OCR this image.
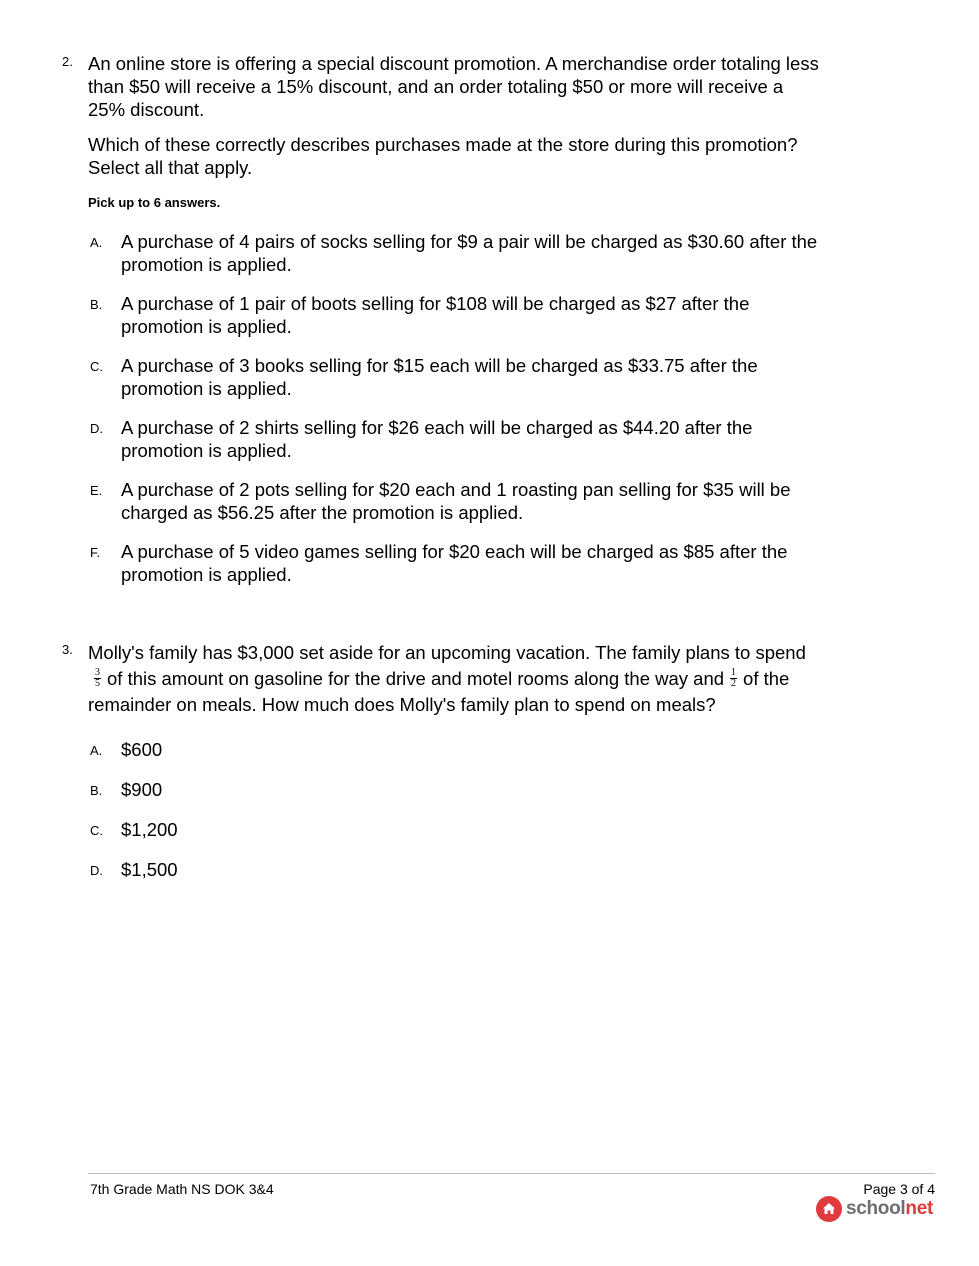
2. An online store is offering a special discount promotion. A merchandise order totaling less than $50 will receive a 15% discount, and an order totaling $50 or more will receive a 25% discount.

Which of these correctly describes purchases made at the store during this promotion? Select all that apply.

Pick up to 6 answers.
A. A purchase of 4 pairs of socks selling for $9 a pair will be charged as $30.60 after the promotion is applied.
B. A purchase of 1 pair of boots selling for $108 will be charged as $27 after the promotion is applied.
C. A purchase of 3 books selling for $15 each will be charged as $33.75 after the promotion is applied.
D. A purchase of 2 shirts selling for $26 each will be charged as $44.20 after the promotion is applied.
E. A purchase of 2 pots selling for $20 each and 1 roasting pan selling for $35 will be charged as $56.25 after the promotion is applied.
F. A purchase of 5 video games selling for $20 each will be charged as $85 after the promotion is applied.
3. Molly's family has $3,000 set aside for an upcoming vacation. The family plans to spend

$\frac{3}{5}$ of this amount on gasoline for the drive and motel rooms along the way and $\frac{1}{2}$ of the remainder on meals. How much does Molly's family plan to spend on meals?

A. $600
B. $900
C. $1,200
D. $1,500
7th Grade Math NS DOK 3&4	Page 3 of 4
schoolnet
